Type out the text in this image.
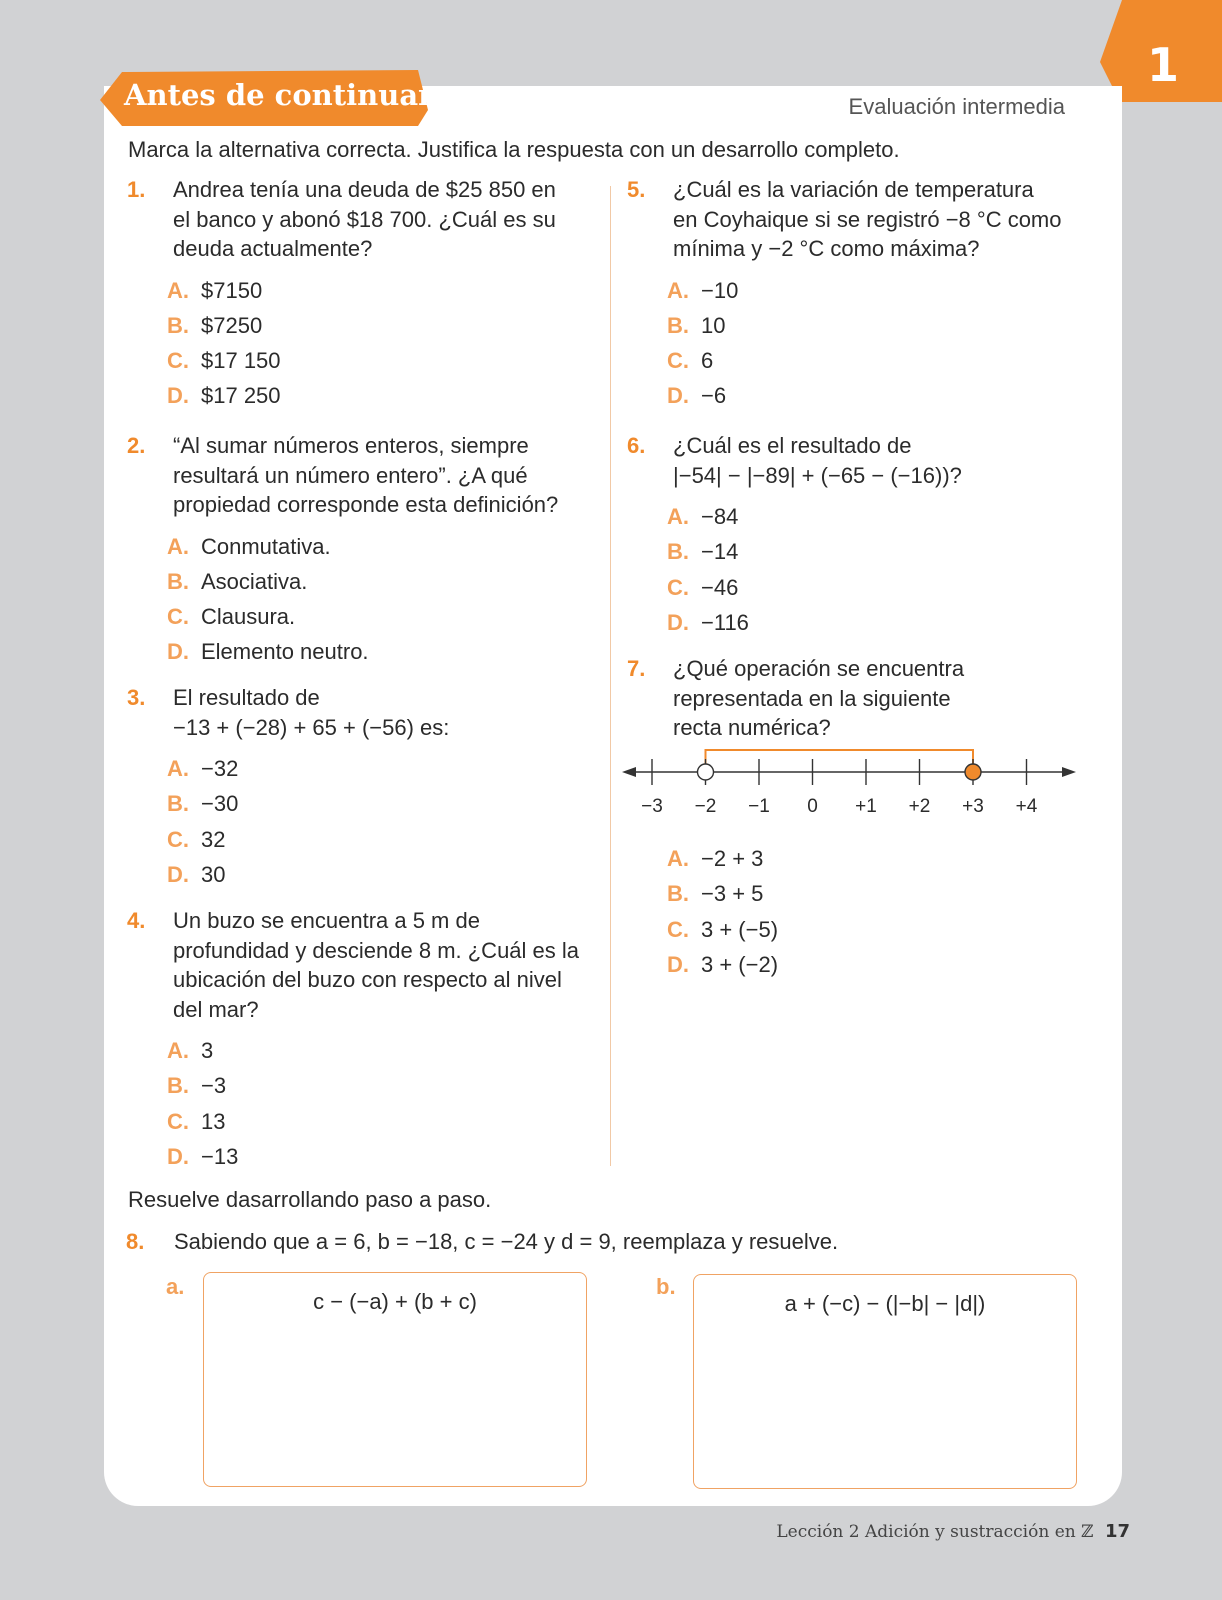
1
Antes de continuar	Evaluación intermedia
Marca la alternativa correcta. Justifica la respuesta con un desarrollo completo.
1. Andrea tenía una deuda de $25 850 en
el banco y abonó $18 700. ¿Cuál es su
deuda actualmente?
A. $7150
B. $7250
C. $17 150
D. $17 250
2. “Al sumar números enteros, siempre
resultará un número entero”. ¿A qué
propiedad corresponde esta definición?
A. Conmutativa.
B. Asociativa.
C. Clausura.
D. Elemento neutro.
3. El resultado de
−13 + (−28) + 65 + (−56) es:
A. −32
B. −30
C. 32
D. 30
4. Un buzo se encuentra a 5 m de
profundidad y desciende 8 m. ¿Cuál es la
ubicación del buzo con respecto al nivel
del mar?
A. 3
B. −3
C. 13
D. −13
5. ¿Cuál es la variación de temperatura
en Coyhaique si se registró −8 °C como
mínima y −2 °C como máxima?
A. −10
B. 10
C. 6
D. −6
6. ¿Cuál es el resultado de
|−54| − |−89| + (−65 − (−16))?
A. −84
B. −14
C. −46
D. −116
7. ¿Qué operación se encuentra
representada en la siguiente
recta numérica?
−3 −2 −1 0 +1 +2 +3 +4
A. −2 + 3
B. −3 + 5
C. 3 + (−5)
D. 3 + (−2)
Resuelve dasarrollando paso a paso.
8. Sabiendo que a = 6, b = −18, c = −24 y d = 9, reemplaza y resuelve.
a.
c − (−a) + (b + c)
b.
a + (−c) − (|−b| − |d|)
Lección 2 Adición y sustracción en ℤ 17
